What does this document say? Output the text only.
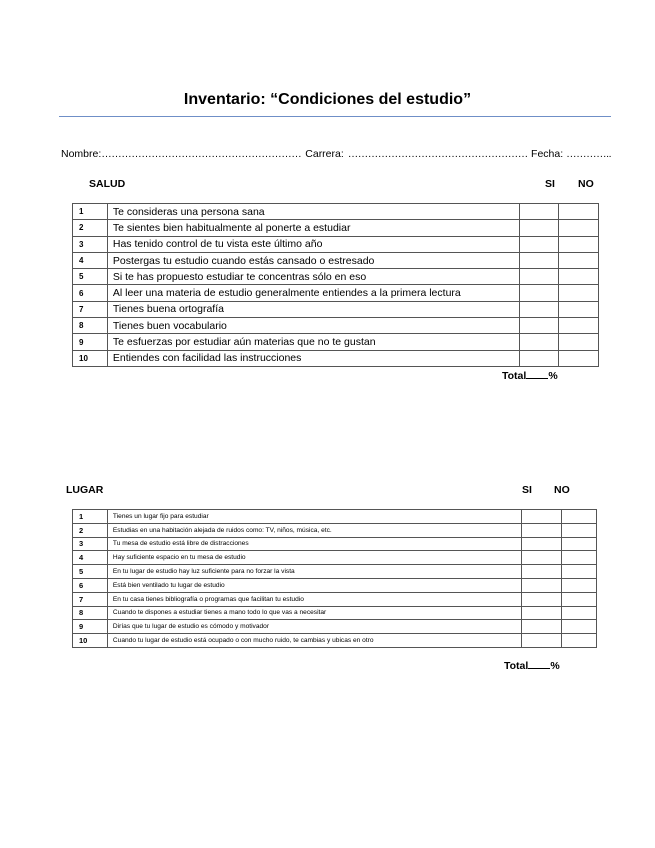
Inventario: “Condiciones del estudio”
Nombre: …………………………………………………… Carrera: ……………………………………………… Fecha: …………..
SALUD	SI NO
1	Te consideras una persona sana		
2	Te sientes bien habitualmente al ponerte a estudiar		
3	Has tenido control de tu vista este último año		
4	Postergas tu estudio cuando estás cansado o estresado		
5	Si te has propuesto estudiar te concentras sólo en eso		
6	Al leer una materia de estudio generalmente entiendes a la primera lectura		
7	Tienes buena ortografía		
8	Tienes buen vocabulario		
9	Te esfuerzas por estudiar aún materias que no te gustan		
10	Entiendes con facilidad las instrucciones		
Total %
LUGAR	SI NO
1	Tienes un lugar fijo para estudiar		
2	Estudias en una habitación alejada de ruidos como: TV, niños, música, etc.		
3	Tu mesa de estudio está libre de distracciones		
4	Hay suficiente espacio en tu mesa de estudio		
5	En tu lugar de estudio hay luz suficiente para no forzar la vista		
6	Está bien ventilado tu lugar de estudio		
7	En tu casa tienes bibliografía o programas que facilitan tu estudio		
8	Cuando te dispones a estudiar tienes a mano todo lo que vas a necesitar		
9	Dirías que tu lugar de estudio es cómodo y motivador		
10	Cuando tu lugar de estudio está ocupado o con mucho ruido, te cambias y ubicas en otro		
Total %
